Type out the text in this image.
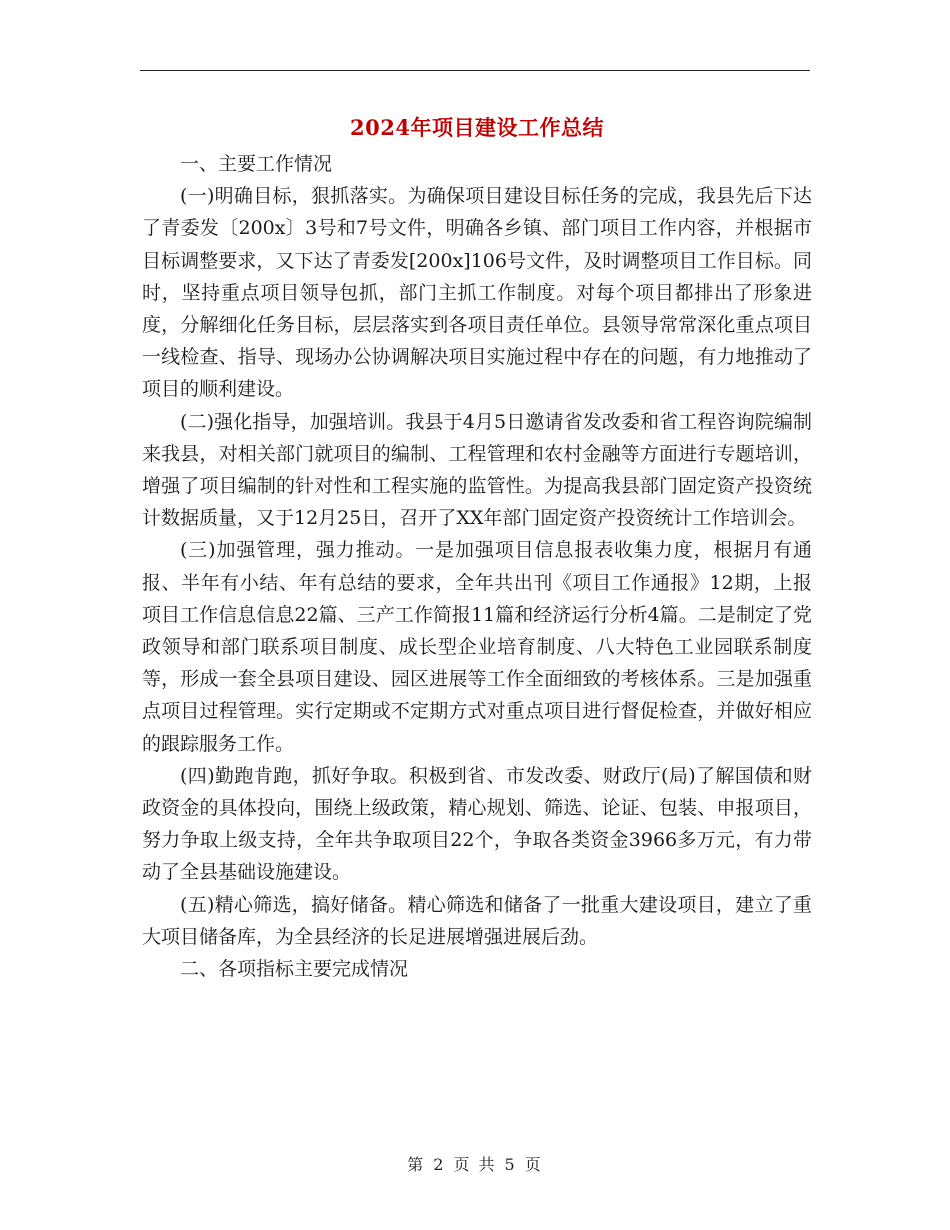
2024年项目建设工作总结

一、主要工作情况

(一)明确目标，狠抓落实。为确保项目建设目标任务的完成，我县先后下达了青委发〔200x〕3号和7号文件，明确各乡镇、部门项目工作内容，并根据市目标调整要求，又下达了青委发[200x]106号文件，及时调整项目工作目标。同时，坚持重点项目领导包抓，部门主抓工作制度。对每个项目都排出了形象进度，分解细化任务目标，层层落实到各项目责任单位。县领导常常深化重点项目一线检查、指导、现场办公协调解决项目实施过程中存在的问题，有力地推动了项目的顺利建设。

(二)强化指导，加强培训。我县于4月5日邀请省发改委和省工程咨询院编制来我县，对相关部门就项目的编制、工程管理和农村金融等方面进行专题培训，增强了项目编制的针对性和工程实施的监管性。为提高我县部门固定资产投资统计数据质量，又于12月25日，召开了XX年部门固定资产投资统计工作培训会。

(三)加强管理，强力推动。一是加强项目信息报表收集力度，根据月有通报、半年有小结、年有总结的要求，全年共出刊《项目工作通报》12期，上报项目工作信息信息22篇、三产工作简报11篇和经济运行分析4篇。二是制定了党政领导和部门联系项目制度、成长型企业培育制度、八大特色工业园联系制度等，形成一套全县项目建设、园区进展等工作全面细致的考核体系。三是加强重点项目过程管理。实行定期或不定期方式对重点项目进行督促检查，并做好相应的跟踪服务工作。

(四)勤跑肯跑，抓好争取。积极到省、市发改委、财政厅(局)了解国债和财政资金的具体投向，围绕上级政策，精心规划、筛选、论证、包装、申报项目，努力争取上级支持，全年共争取项目22个，争取各类资金3966多万元，有力带动了全县基础设施建设。

(五)精心筛选，搞好储备。精心筛选和储备了一批重大建设项目，建立了重大项目储备库，为全县经济的长足进展增强进展后劲。

二、各项指标主要完成情况

第 2 页 共 5 页
